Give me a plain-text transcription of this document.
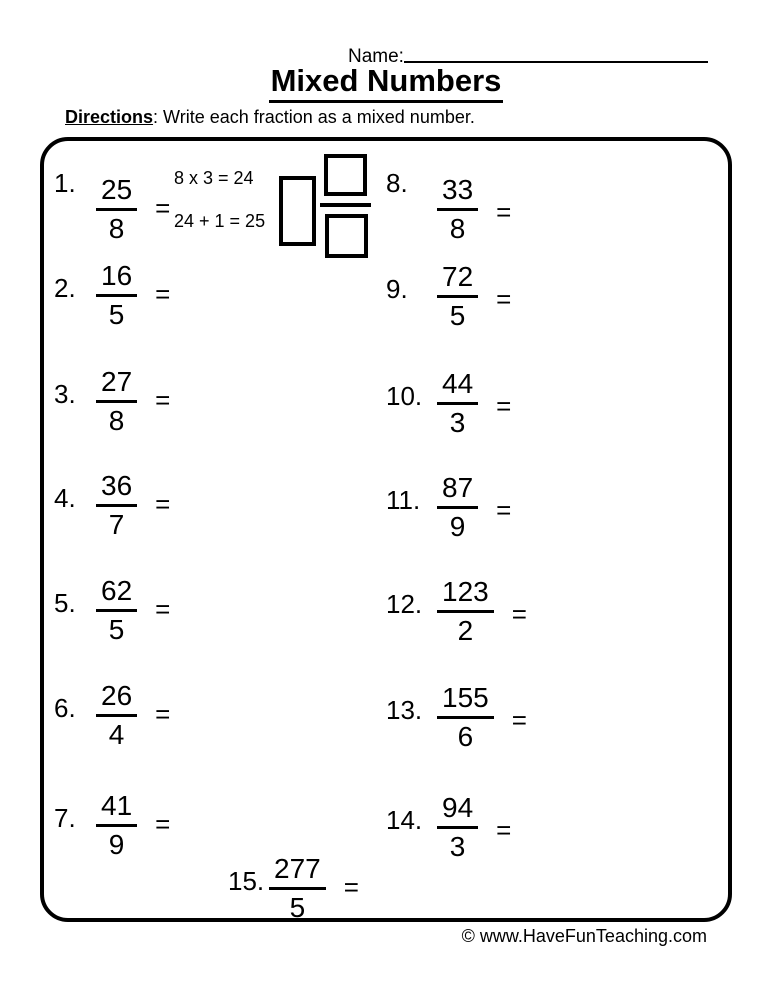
Name:
Mixed Numbers
Directions: Write each fraction as a mixed number.
8 x 3 = 24
24 + 1 = 25
1. $\frac{25}{8}$ =
2. $\frac{16}{5}$ =
3. $\frac{27}{8}$ =
4. $\frac{36}{7}$ =
5. $\frac{62}{5}$ =
6. $\frac{26}{4}$ =
7. $\frac{41}{9}$ =
8.	$\frac{33}{8}$ =
9.	$\frac{72}{5}$ =
10. $\frac{44}{3}$ =
11. $\frac{87}{9}$ =
12. $\frac{123}{2}$ =
13. $\frac{155}{6}$ =
14. $\frac{94}{3}$ =
15. $\frac{277}{5}$ =
© www.HaveFunTeaching.com
